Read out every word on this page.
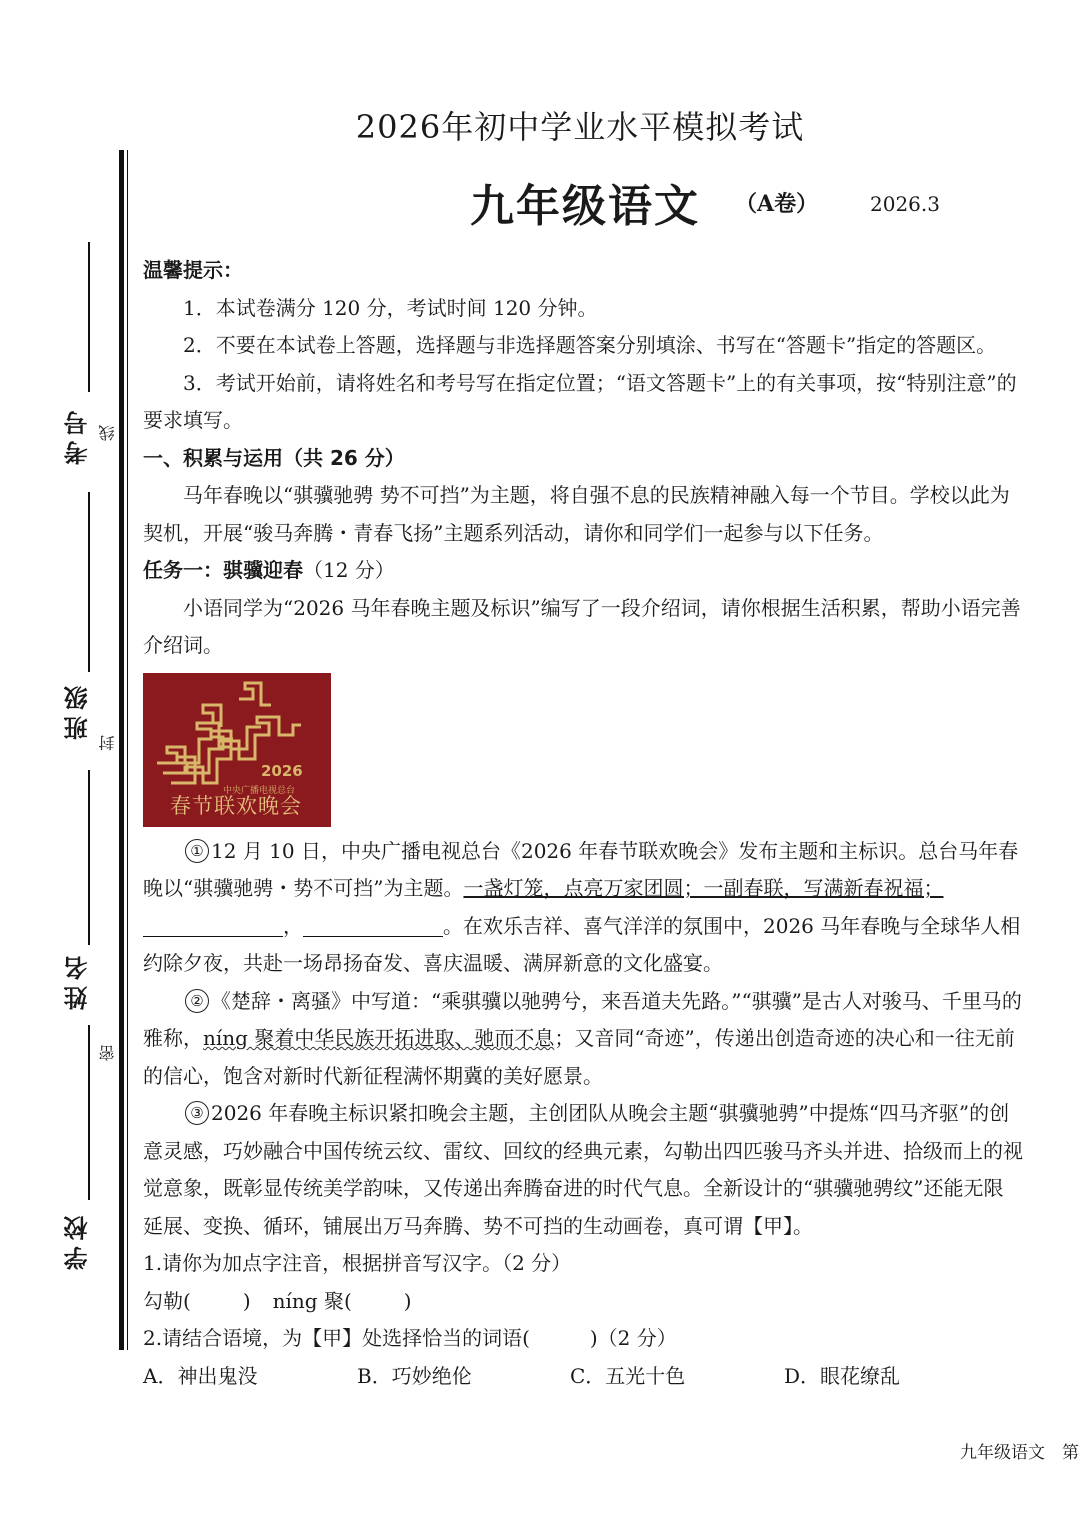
考号 线
班级
封
姓名
密
学校
2026年初中学业水平模拟考试
九年级语文 （A卷）	2026.3

温馨提示：

1．本试卷满分 120 分，考试时间 120 分钟。

2．不要在本试卷上答题，选择题与非选择题答案分别填涂、书写在“答题卡”指定的答题区。

3．考试开始前，请将姓名和考号写在指定位置；“语文答题卡”上的有关事项，按“特别注意”的要求填写。

一、积累与运用（共 26 分）

马年春晚以“骐骥驰骋 势不可挡”为主题，将自强不息的民族精神融入每一个节目。学校以此为契机，开展“骏马奔腾・青春飞扬”主题系列活动，请你和同学们一起参与以下任务。

任务一：骐骥迎春（12 分）

小语同学为“2026 马年春晚主题及标识”编写了一段介绍词，请你根据生活积累，帮助小语完善介绍词。

2026
中央广播电视总台
春节联欢晚会

① 12 月 10 日，中央广播电视总台《2026 年春节联欢晚会》发布主题和主标识。总台马年春晚以“骐骥驰骋・势不可挡”为主题。一盏灯笼，点亮万家团圆；一副春联，写满新春祝福；，	。在欢乐吉祥、喜气洋洋的氛围中，2026 马年春晚与全球华人相约除夕夜，共赴一场昂扬奋发、喜庆温暖、满屏新意的文化盛宴。

② 《楚辞・离骚》中写道：“乘骐骥以驰骋兮，来吾道夫先路。”“骐骥”是古人对骏马、千里马的雅称，níng 聚着中华民族开拓进取、驰而不息；又音同“奇迹”，传递出创造奇迹的决心和一往无前的信心，饱含对新时代新征程满怀期冀的美好愿景。

③ 2026 年春晚主标识紧扣晚会主题，主创团队从晚会主题“骐骥驰骋”中提炼“四马齐驱”的创意灵感，巧妙融合中国传统云纹、雷纹、回纹的经典元素，勾勒出四匹骏马齐头并进、拾级而上的视觉意象，既彰显传统美学韵味，又传递出奔腾奋进的时代气息。全新设计的“骐骥驰骋纹”还能无限延展、变换、循环，铺展出万马奔腾、势不可挡的生动画卷，真可谓【甲】。

1.请你为加点字注音，根据拼音写汉字。（2 分）

勾勒(	) níng 聚(	)

2.请结合语境，为【甲】处选择恰当的词语(　　　)（2 分）

A．神出鬼没	B．巧妙绝伦	C．五光十色	D．眼花缭乱
九年级语文　第
